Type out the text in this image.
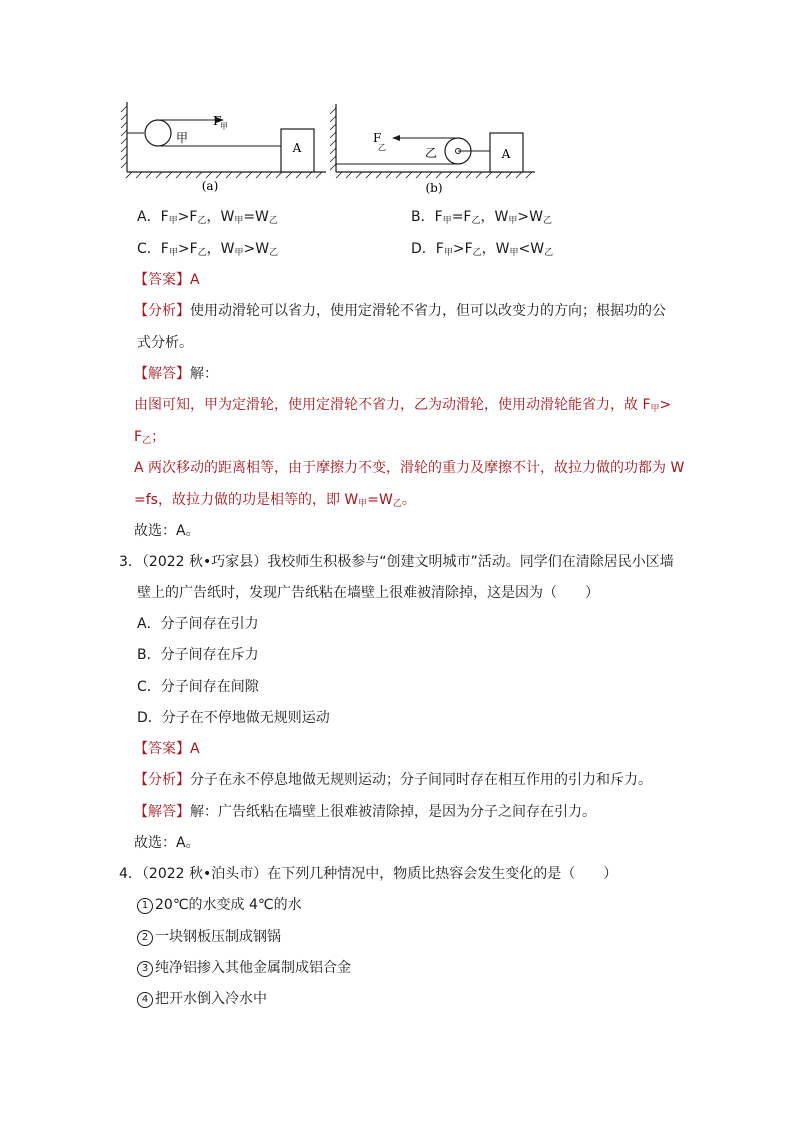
A
甲
F
甲
(a)
A
乙
F
乙
(b)
A．$F_甲>F_乙$，$W_甲=W_乙$	B．$F_甲=F_乙$，$W_甲>W_乙$
C．$F_甲>F_乙$，$W_甲>W_乙$	D．$F_甲>F_乙$，$W_甲<W_乙$
【答案】A
【分析】使用动滑轮可以省力，使用定滑轮不省力，但可以改变力的方向；根据功的公
式分析。
【解答】解：
由图可知，甲为定滑轮，使用定滑轮不省力，乙为动滑轮，使用动滑轮能省力，故 $F_甲>$
$F_乙$；
A 两次移动的距离相等，由于摩擦力不变，滑轮的重力及摩擦不计，故拉力做的功都为 W
=fs，故拉力做的功是相等的，即 $W_甲=W_乙$。
故选：A。
3．（2022 秋•巧家县）我校师生积极参与“创建文明城市”活动。同学们在清除居民小区墙
壁上的广告纸时，发现广告纸粘在墙壁上很难被清除掉，这是因为（　　）
A．分子间存在引力
B．分子间存在斥力
C．分子间存在间隙
D．分子在不停地做无规则运动
【答案】A
【分析】分子在永不停息地做无规则运动；分子间同时存在相互作用的引力和斥力。
【解答】解：广告纸粘在墙壁上很难被清除掉，是因为分子之间存在引力。
故选：A。
4．（2022 秋•泊头市）在下列几种情况中，物质比热容会发生变化的是（　　）
1 20℃的水变成 4℃的水
2 一块钢板压制成钢锅
3 纯净铝掺入其他金属制成铝合金
4 把开水倒入冷水中
